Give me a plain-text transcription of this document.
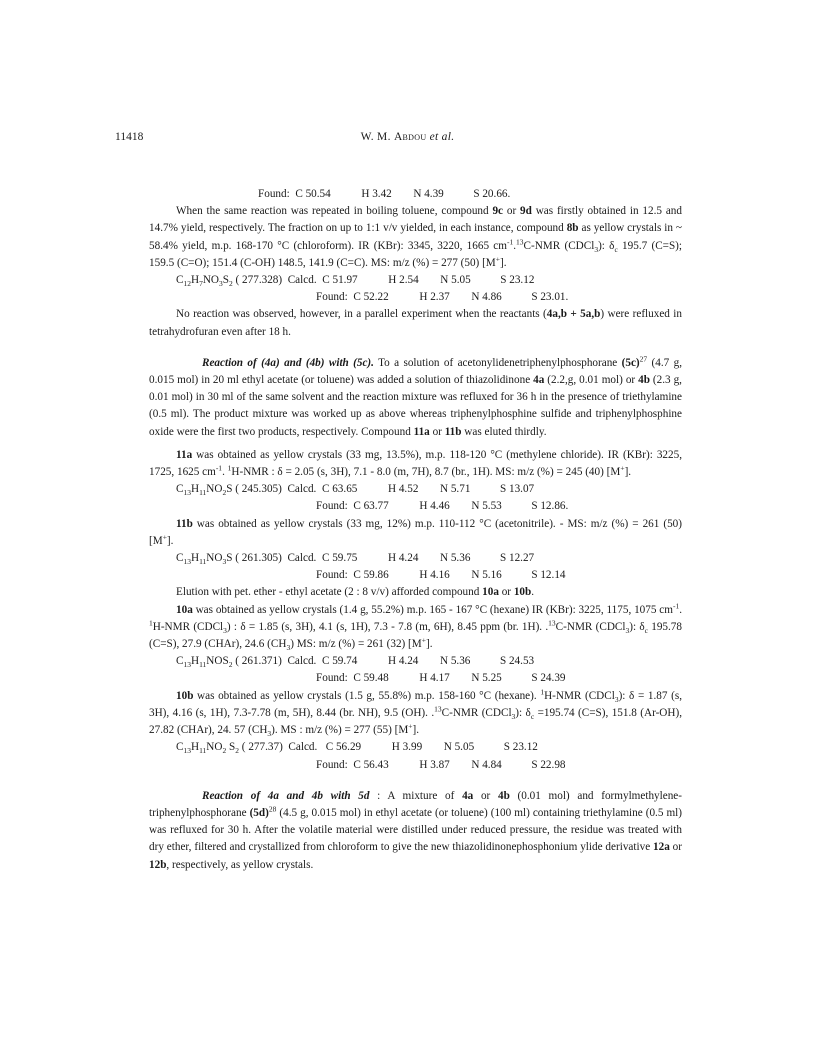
11418	W. M. Abdou et al.

Found: C 50.54	H 3.42 N 4.39	S 20.66.

When the same reaction was repeated in boiling toluene, compound 9c or 9d was firstly obtained in 12.5 and 14.7% yield, respectively. The fraction on up to 1:1 v/v yielded, in each instance, compound 8b as yellow crystals in ~ 58.4% yield, m.p. 168-170 °C (chloroform). IR (KBr): 3345, 3220, 1665 $cm^{-1}.^{13}C$-NMR (CDCl$_3$): $\delta_c$ 195.7 (C=S); 159.5 (C=O); 151.4 (C-OH) 148.5, 141.9 (C=C). MS: m/z (%) = 277 (50) [M+].

$C_{12}H_7NO_3S_2$ ( 277.328) Calcd. C 51.97	H 2.54 N 5.05	S 23.12

Found: C 52.22	H 2.37 N 4.86	S 23.01.

No reaction was observed, however, in a parallel experiment when the reactants (4a,b + 5a,b) were refluxed in tetrahydrofuran even after 18 h.

Reaction of (4a) and (4b) with (5c). To a solution of acetonylidenetriphenylphosphorane $(5c)^{27}$ (4.7 g, 0.015 mol) in 20 ml ethyl acetate (or toluene) was added a solution of thiazolidinone 4a (2.2,g, 0.01 mol) or 4b (2.3 g, 0.01 mol) in 30 ml of the same solvent and the reaction mixture was refluxed for 36 h in the presence of triethylamine (0.5 ml). The product mixture was worked up as above whereas triphenylphosphine sulfide and triphenylphosphine oxide were the first two products, respectively. Compound 11a or 11b was eluted thirdly.

11a was obtained as yellow crystals (33 mg, 13.5%), m.p. 118-120 °C (methylene chloride). IR (KBr): 3225, 1725, 1625 $cm^{-1}$. $^1$H-NMR : δ = 2.05 (s, 3H), 7.1 - 8.0 (m, 7H), 8.7 (br., 1H). MS: m/z (%) = 245 (40) [M+].

$C_{13}H_{11}NO_2S$ ( 245.305) Calcd. C 63.65	H 4.52 N 5.71	S 13.07

Found: C 63.77	H 4.46 N 5.53	S 12.86.

11b was obtained as yellow crystals (33 mg, 12%) m.p. 110-112 °C (acetonitrile). - MS: m/z (%) = 261 (50) [M+].

$C_{13}H_{11}NO_3S$ ( 261.305) Calcd. C 59.75	H 4.24 N 5.36	S 12.27

Found: C 59.86	H 4.16 N 5.16	S 12.14

Elution with pet. ether - ethyl acetate (2 : 8 v/v) afforded compound 10a or 10b.

10a was obtained as yellow crystals (1.4 g, 55.2%) m.p. 165 - 167 °C (hexane) IR (KBr): 3225, 1175, 1075 $cm^{-1}$. $^1$H-NMR (CDCl$_3$) : δ = 1.85 (s, 3H), 4.1 (s, 1H), 7.3 - 7.8 (m, 6H), 8.45 ppm (br. 1H). .$^{13}$C-NMR (CDCl$_3$): $\delta_c$ 195.78 (C=S), 27.9 (CHAr), 24.6 $(CH_3)$ MS: m/z (%) = 261 (32) [M+].

$C_{13}H_{11}NOS_2$ ( 261.371) Calcd. C 59.74	H 4.24 N 5.36	S 24.53

Found: C 59.48	H 4.17 N 5.25	S 24.39

10b was obtained as yellow crystals (1.5 g, 55.8%) m.p. 158-160 °C (hexane). $^1$H-NMR (CDCl$_3$): δ = 1.87 (s, 3H), 4.16 (s, 1H), 7.3-7.78 (m, 5H), 8.44 (br. NH), 9.5 (OH). .$^{13}$C-NMR (CDCl$_3$): $\delta_c =195.74$ (C=S), 151.8 (Ar-OH), 27.82 (CHAr), 24. 57 $(CH_3)$. MS : m/z (%) = 277 (55) [M+].

$C_{13}H_{11}NO_2$ $S_2$ ( 277.37) Calcd. C 56.29	H 3.99 N 5.05	S 23.12

Found: C 56.43	H 3.87 N 4.84	S 22.98

Reaction of 4a and 4b with 5d : A mixture of 4a or 4b (0.01 mol) and formylmethylene-triphenylphosphorane $(5d)^{28}$ (4.5 g, 0.015 mol) in ethyl acetate (or toluene) (100 ml) containing triethylamine (0.5 ml) was refluxed for 30 h. After the volatile material were distilled under reduced pressure, the residue was treated with dry ether, filtered and crystallized from chloroform to give the new thiazolidinonephosphonium ylide derivative 12a or 12b, respectively, as yellow crystals.
